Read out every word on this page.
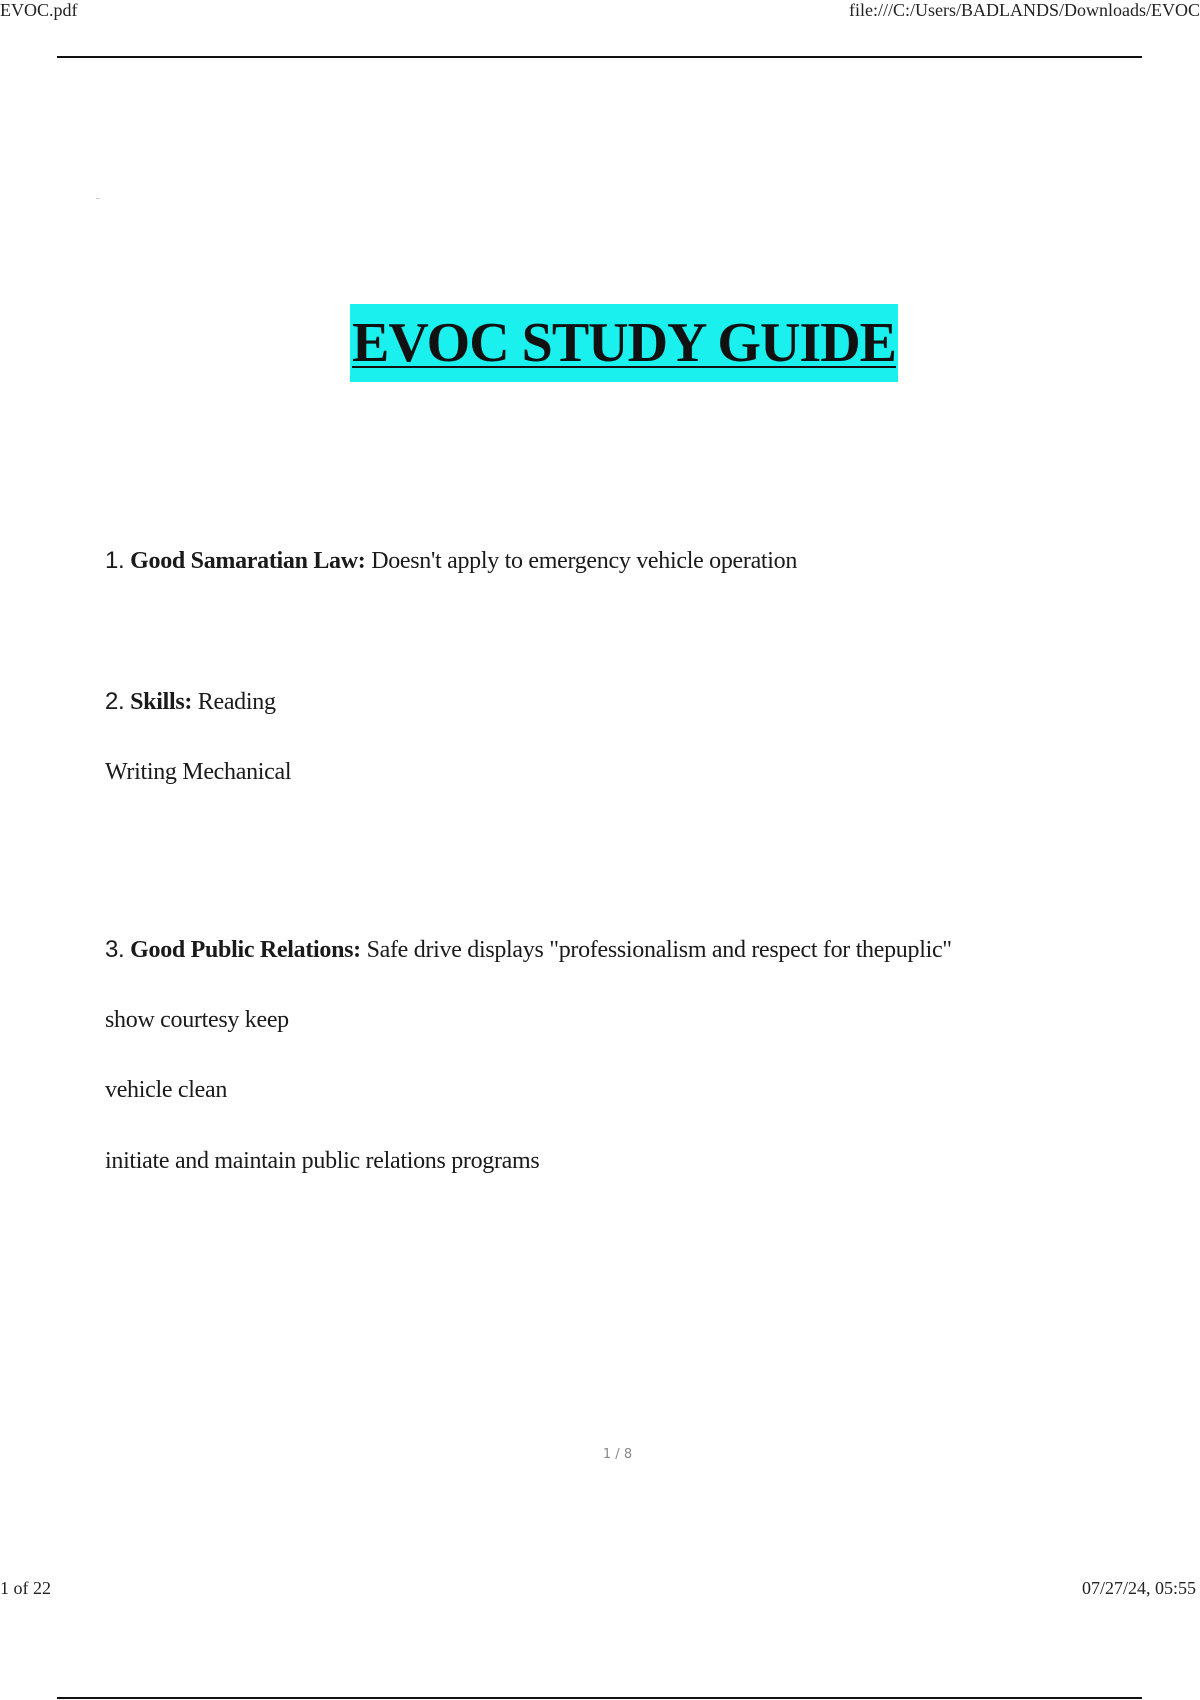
EVOC.pdf	file:///C:/Users/BADLANDS/Downloads/EVOC
EVOC STUDY GUIDE
1. Good Samaratian Law: Doesn't apply to emergency vehicle operation
2. Skills: Reading
Writing Mechanical
3. Good Public Relations: Safe drive displays "professionalism and respect for thepuplic"
show courtesy keep
vehicle clean
initiate and maintain public relations programs
1 / 8
1 of 22	07/27/24, 05:55
